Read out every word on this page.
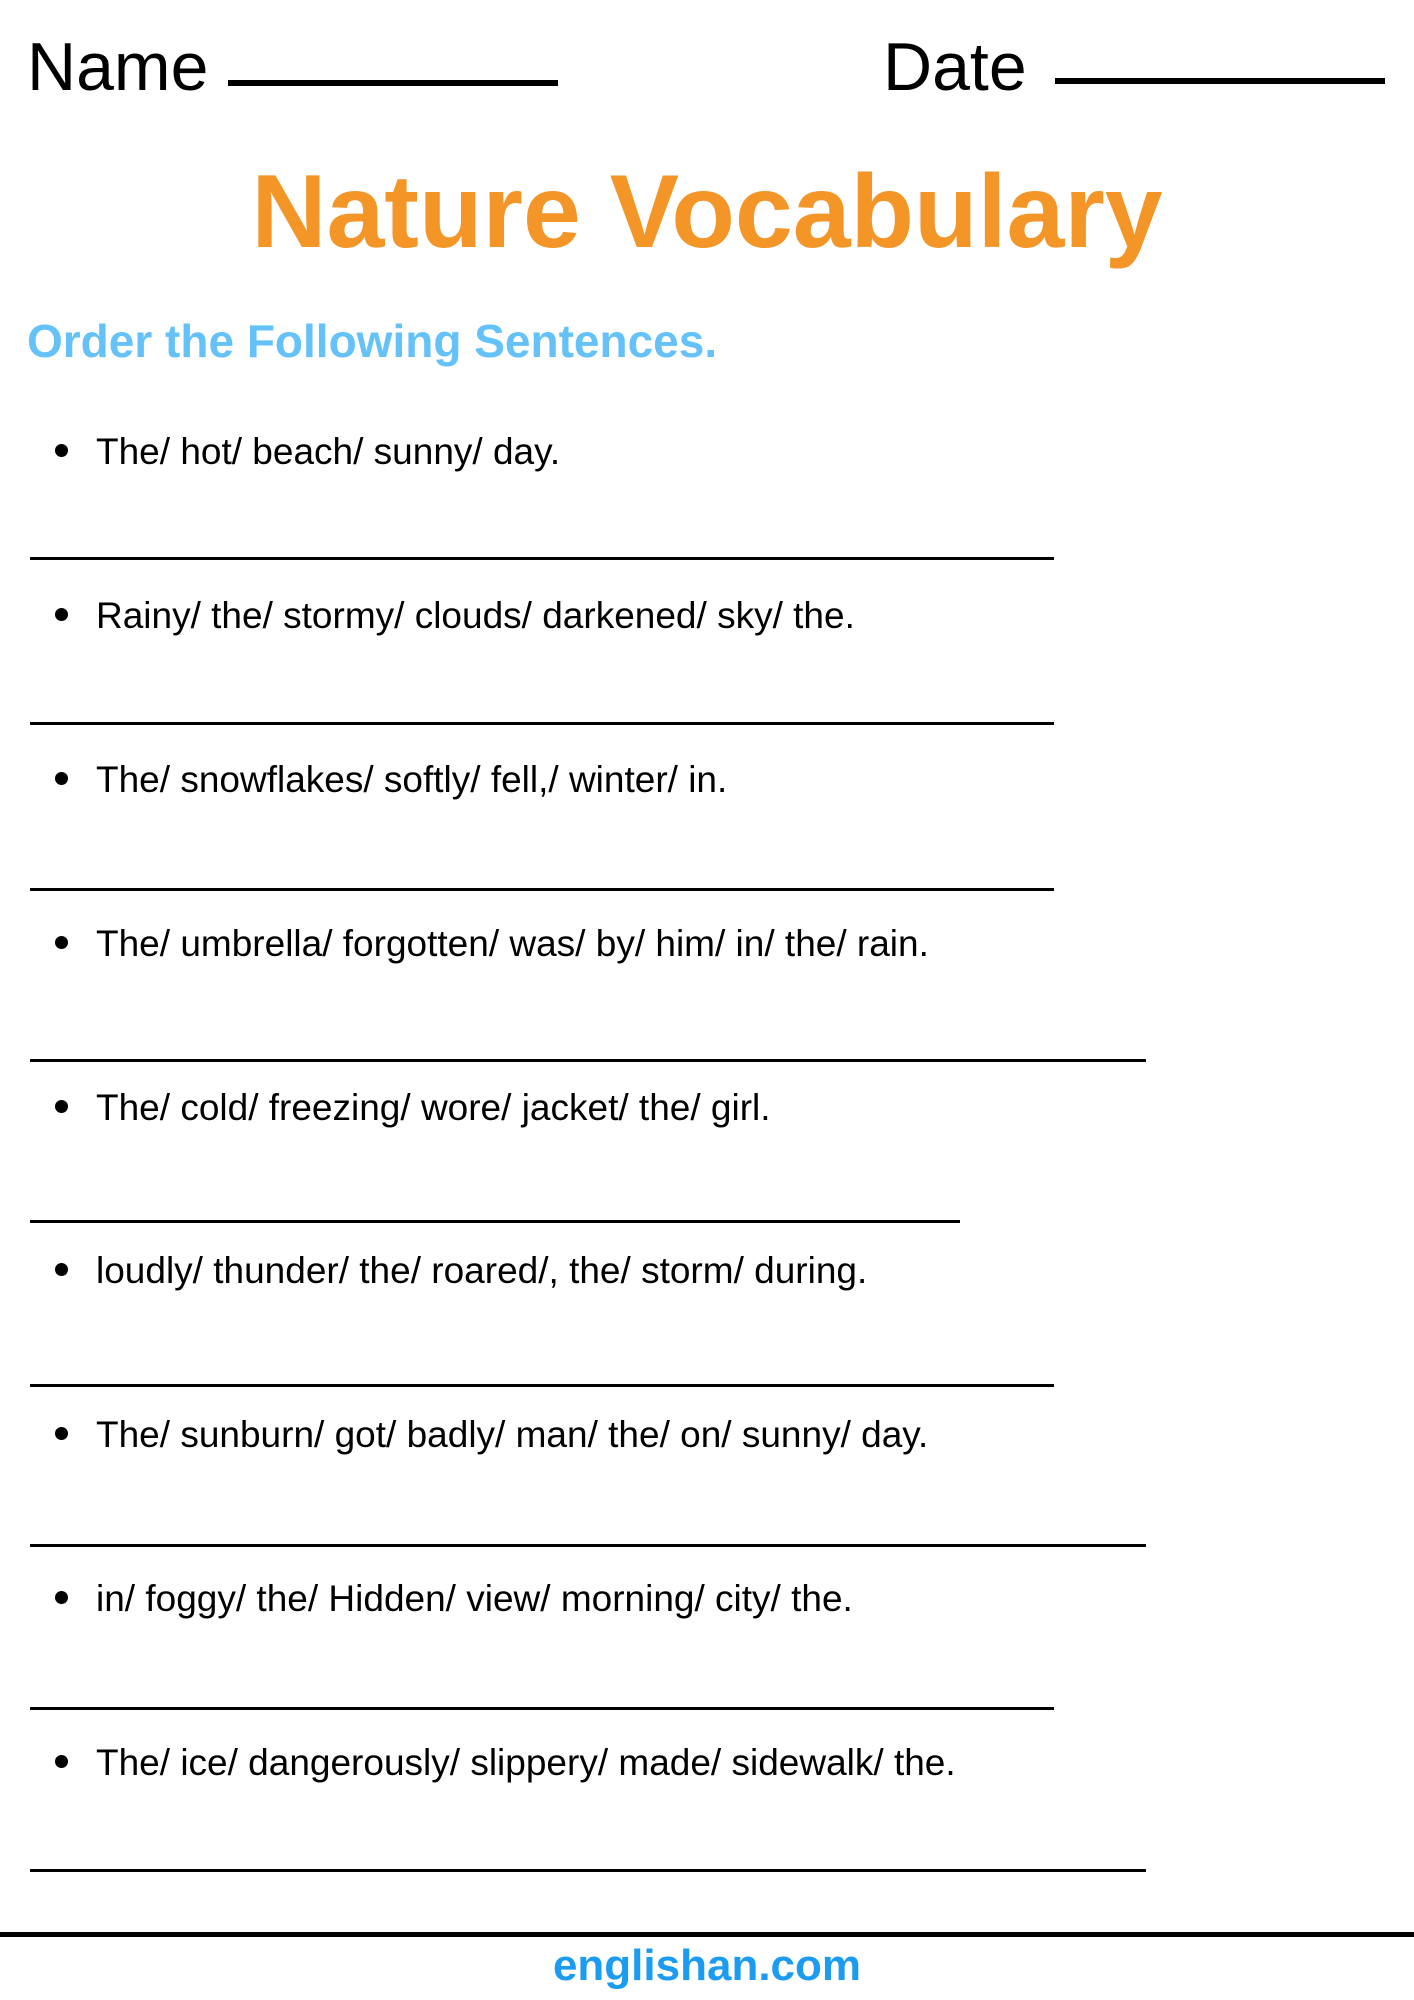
Name	Date
Nature Vocabulary
Order the Following Sentences.
The/ hot/ beach/ sunny/ day.
Rainy/ the/ stormy/ clouds/ darkened/ sky/ the.
The/ snowflakes/ softly/ fell,/ winter/ in.
The/ umbrella/ forgotten/ was/ by/ him/ in/ the/ rain.
The/ cold/ freezing/ wore/ jacket/ the/ girl.
loudly/ thunder/ the/ roared/, the/ storm/ during.
The/ sunburn/ got/ badly/ man/ the/ on/ sunny/ day.
in/ foggy/ the/ Hidden/ view/ morning/ city/ the.
The/ ice/ dangerously/ slippery/ made/ sidewalk/ the.
englishan.com
